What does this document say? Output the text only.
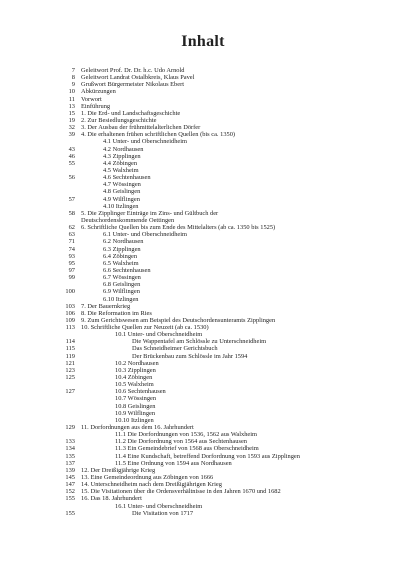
Inhalt
7 Geleitwort Prof. Dr. Dr. h.c. Udo Arnold
8 Geleitwort Landrat Ostalbkreis, Klaus Pavel
9 Grußwort Bürgermeister Nikolaus Ebert
10 Abkürzungen
11 Vorwort
13 Einführung
15 1. Die Erd- und Landschaftsgeschichte
19 2. Zur Besiedlungsgeschichte
32 3. Der Ausbau der frühmittelalterlichen Dörfer
39 4. Die erhaltenen frühen schriftlichen Quellen (bis ca. 1350)
4.1 Unter- und Oberschneidheim
43	4.2 Nordhausen
46	4.3 Zipplingen
55	4.4 Zöbingen
4.5 Walxheim
56	4.6 Sechtenhausen
4.7 Wössingen
4.8 Geislingen
57	4.9 Wilflingen
4.10 Itzlingen
58 5. Die Zipplinger Einträge im Zins- und Gültbuch der
Deutschordenskommende Oettingen
62 6. Schriftliche Quellen bis zum Ende des Mittelalters (ab ca. 1350 bis 1525)
63	6.1 Unter- und Oberschneidheim
71	6.2 Nordhausen
74	6.3 Zipplingen
93	6.4 Zöbingen
95	6.5 Walxheim
97	6.6 Sechtenhausen
99	6.7 Wössingen
6.8 Geislingen
100	6.9 Wilflingen
6.10 Itzlingen
103 7. Der Bauernkrieg
106 8. Die Reformation im Ries
109 9. Zum Gerichtswesen am Beispiel des Deutschordensunteramts Zipplingen
113 10. Schriftliche Quellen zur Neuzeit (ab ca. 1530)
10.1 Unter- und Oberschneidheim
114	Die Wappentafel am Schlössle zu Unterschneidheim
115	Das Schneidheimer Gerichtsbuch
119	Der Brückenbau zum Schlössle im Jahr 1594
121	10.2 Nordhausen
123	10.3 Zipplingen
125	10.4 Zöbingen
10.5 Walxheim
127	10.6 Sechtenhausen
10.7 Wössingen
10.8 Geislingen
10.9 Wilflingen
10.10 Itzlingen
129 11. Dorfordnungen aus dem 16. Jahrhundert
11.1 Die Dorfordnungen von 1536, 1562 aus Walxheim
133	11.2 Die Dorfordnung von 1564 aus Sechtenhausen
134	11.3 Ein Gemeindebrief von 1568 aus Oberschneidheim
135	11.4 Eine Kundschaft, betreffend Dorfordnung von 1593 aus Zipplingen
137	11.5 Eine Ordnung von 1594 aus Nordhausen
139 12. Der Dreißigjährige Krieg
145 13. Eine Gemeindeordnung aus Zöbingen von 1666
147 14. Unterschneidheim nach dem Dreißigjährigen Krieg
152 15. Die Visitationen über die Ordensverhältnisse in den Jahren 1670 und 1682
155 16. Das 18. Jahrhundert
16.1 Unter- und Oberschneidheim
155	Die Visitation von 1717
